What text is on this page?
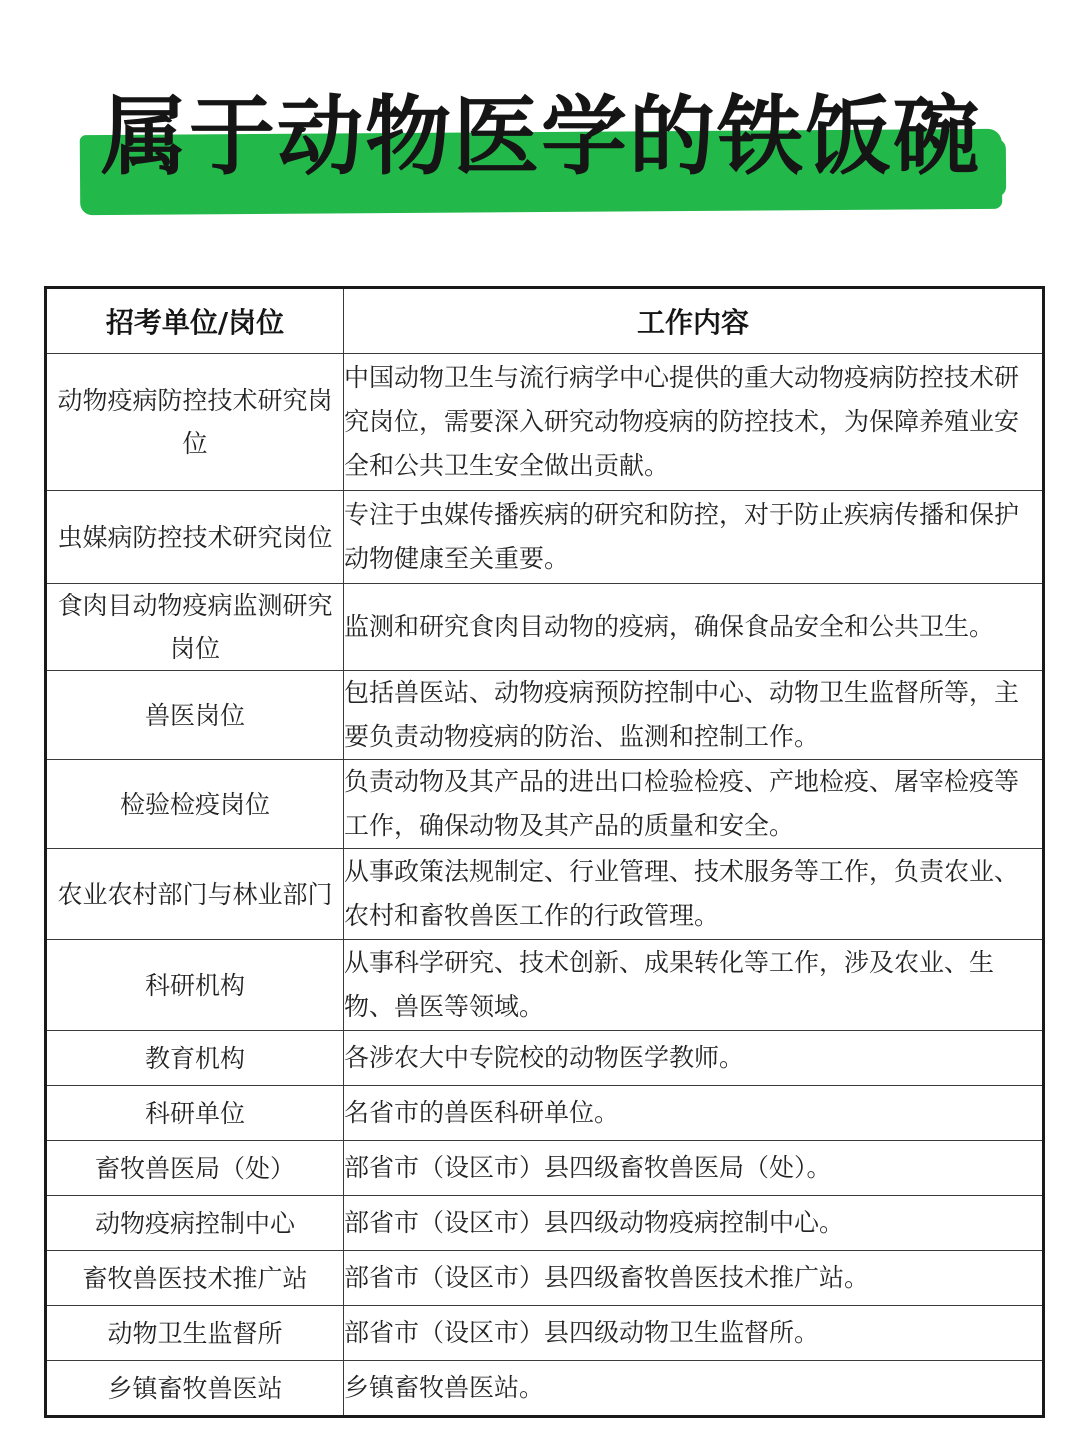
属于动物医学的铁饭碗
招考单位/岗位	工作内容
动物疫病防控技术研究岗位	中国动物卫生与流行病学中心提供的重大动物疫病防控技术研究岗位，需要深入研究动物疫病的防控技术，为保障养殖业安全和公共卫生安全做出贡献。
虫媒病防控技术研究岗位	专注于虫媒传播疾病的研究和防控，对于防止疾病传播和保护动物健康至关重要。
食肉目动物疫病监测研究岗位	监测和研究食肉目动物的疫病，确保食品安全和公共卫生。
兽医岗位	包括兽医站、动物疫病预防控制中心、动物卫生监督所等，主要负责动物疫病的防治、监测和控制工作。
检验检疫岗位	负责动物及其产品的进出口检验检疫、产地检疫、屠宰检疫等工作，确保动物及其产品的质量和安全。
农业农村部门与林业部门	从事政策法规制定、行业管理、技术服务等工作，负责农业、农村和畜牧兽医工作的行政管理。
科研机构	从事科学研究、技术创新、成果转化等工作，涉及农业、生物、兽医等领域。
教育机构	各涉农大中专院校的动物医学教师。
科研单位	名省市的兽医科研单位。
畜牧兽医局（处）	部省市（设区市）县四级畜牧兽医局（处）。
动物疫病控制中心	部省市（设区市）县四级动物疫病控制中心。
畜牧兽医技术推广站	部省市（设区市）县四级畜牧兽医技术推广站。
动物卫生监督所	部省市（设区市）县四级动物卫生监督所。
乡镇畜牧兽医站	乡镇畜牧兽医站。
